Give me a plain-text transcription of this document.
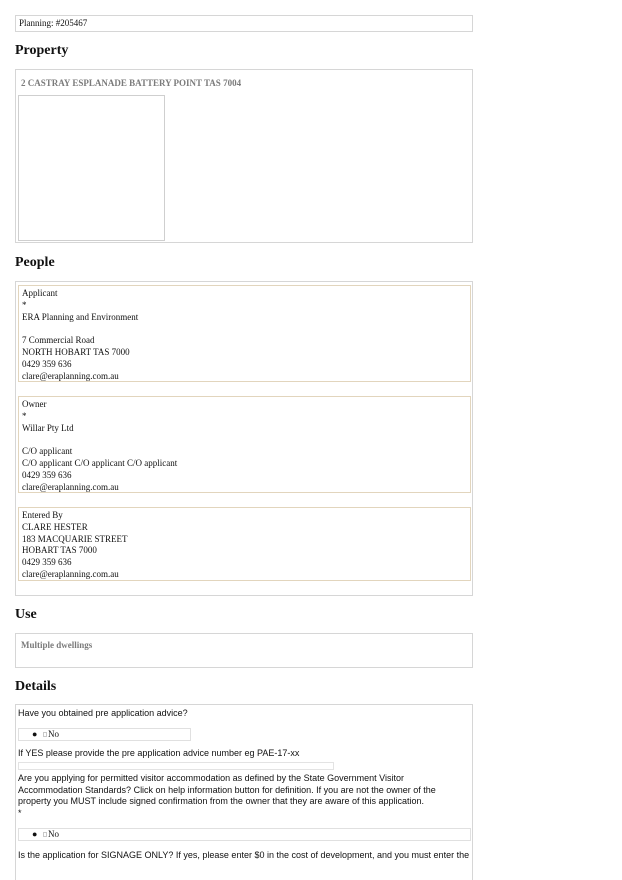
Planning: #205467
Property
2 CASTRAY ESPLANADE BATTERY POINT TAS 7004
People
Applicant
*
ERA Planning and Environment
7 Commercial Road
NORTH HOBART TAS 7000
0429 359 636
clare@eraplanning.com.au
Owner
*
Willar Pty Ltd
C/O applicant
C/O applicant C/O applicant C/O applicant
0429 359 636
clare@eraplanning.com.au
Entered By
CLARE HESTER
183 MACQUARIE STREET
HOBART TAS 7000
0429 359 636
clare@eraplanning.com.au
Use
Multiple dwellings
Details
Have you obtained pre application advice?
● No
If YES please provide the pre application advice number eg PAE-17-xx
Are you applying for permitted visitor accommodation as defined by the State Government Visitor Accommodation Standards? Click on help information button for definition. If you are not the owner of the property you MUST include signed confirmation from the owner that they are aware of this application.
*
● No
Is the application for SIGNAGE ONLY? If yes, please enter $0 in the cost of development, and you must enter the
